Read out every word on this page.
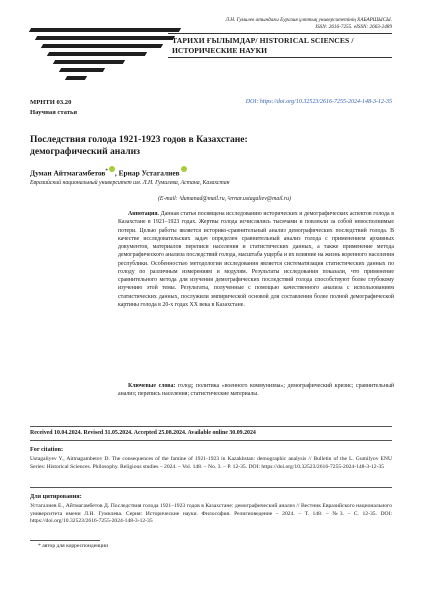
Л.Н. Гумилев атындағы Еуразия ұлттық университетінің ХАБАРШЫСЫ.
ISSN: 2616-7255. eISSN: 2663-2489
ТАРИХИ ҒЫЛЫМДАР/ HISTORICAL SCIENCES /
ИСТОРИЧЕСКИЕ НАУКИ
МРНТИ 03.20
Научная статья
DOI: https://doi.org/10.32523/2616-7255-2024-148-3-12-35
Последствия голода 1921-1923 годов в Казахстане:
демографический анализ
Думан Айтмагамбетов* , Ернар Устагалиев
Евразийский национальный университет им. Л.Н. Гумилева, Астана, Казахстан
(E-mail: ¹dumanad@mail.ru, ²ernar.ustagaliev@mail.ru)
Аннотация. Данная статья посвящена исследованию исторических и демографических аспектов голода в Казахстане в 1921–1923 годах. Жертвы голода исчислялись тысячами и повлекли за собой невосполнимые потери. Целью работы является историко-сравнительный анализ демографических последствий голода. В качестве исследовательских задач определен сравнительный анализ голода с применением архивных документов, материалов переписи населения и статистических данных, а также применение метода демографического анализа последствий голода, масштаба ущерба и их влияние на жизнь коренного населения республики. Особенностью методологии исследования является систематизация статистических данных по голоду по различным измерениям и модулям. Результаты исследования показали, что применение сравнительного метода для изучения демографических последствий голода способствуют более глубокому изучению этой темы. Результаты, полученные с помощью качественного анализа с использованием статистических данных, послужили эмпирической основой для составления более полной демографической картины голода в 20-х годах XX века в Казахстане.
Ключевые слова: голод; политика «военного коммунизма»; демографический кризис; сравнительный анализ; перепись населения; статистические материалы.
Received 10.04.2024. Revised 31.05.2024. Accepted 25.08.2024. Available online 30.09.2024
For citation:
Ustagaliyev Y., Aitmagambetov D. The consequences of the famine of 1921-1923 in Kazakhstan: demographic analysis // Bulletin of the L. Gumilyov ENU Series: Historical Sciences. Philosophy. Religious studies – 2024. – Vol. 148. – No. 3. – P. 12-35. DOI: https://doi.org/10.32523/2616-7255-2024-148-3-12-35
Для цитирования:
Устагалиев Е., Айтмагамбетов Д. Последствия голода 1921–1923 годов в Казахстане: демографический анализ // Вестник Евразийского национального университета имени Л.Н. Гумилева. Серия: Исторические науки. Философия. Религиоведение – 2024. – Т. 148. – №3. – С. 12-35. DOI: https://doi.org/10.32523/2616-7255-2024-148-3-12-35
* автор для корреспонденции
